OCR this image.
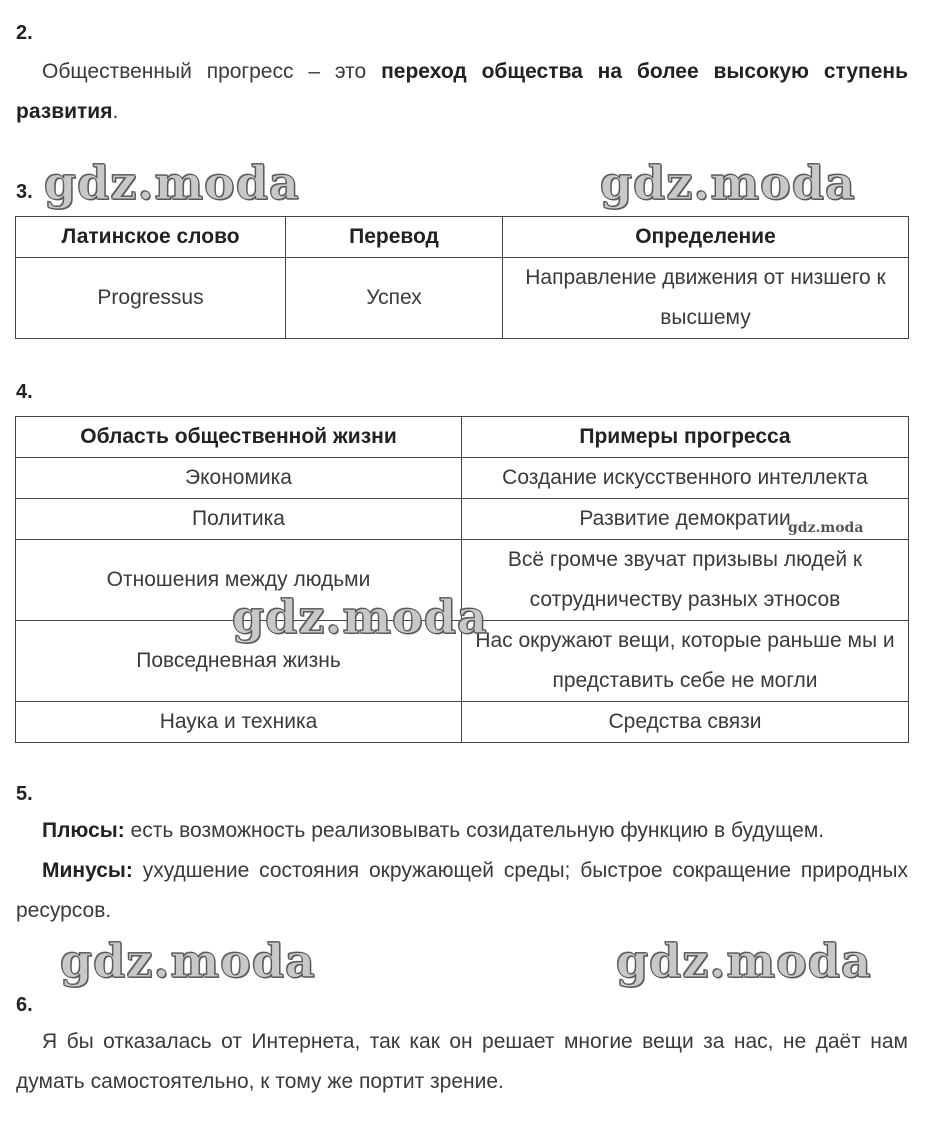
2.
Общественный прогресс – это переход общества на более высокую ступень развития.
3. gdz.moda	gdz.moda
Латинское слово	Перевод	Определение
Progressus	Успех	Направление движения от низшего к высшему
4.
Область общественной жизни	Примеры прогресса
Экономика	Создание искусственного интеллекта
Политика	Развитие демократии
Отношения между людьми	Всё громче звучат призывы людей к сотрудничеству разных этносов
Повседневная жизнь	Нас окружают вещи, которые раньше мы и представить себе не могли
Наука и техника	Средства связи
gdz.moda
gdz.moda
5.
Плюсы: есть возможность реализовывать созидательную функцию в будущем.
Минусы: ухудшение состояния окружающей среды; быстрое сокращение природных ресурсов.
gdz.moda	gdz.moda
6.
Я бы отказалась от Интернета, так как он решает многие вещи за нас, не даёт нам думать самостоятельно, к тому же портит зрение.
